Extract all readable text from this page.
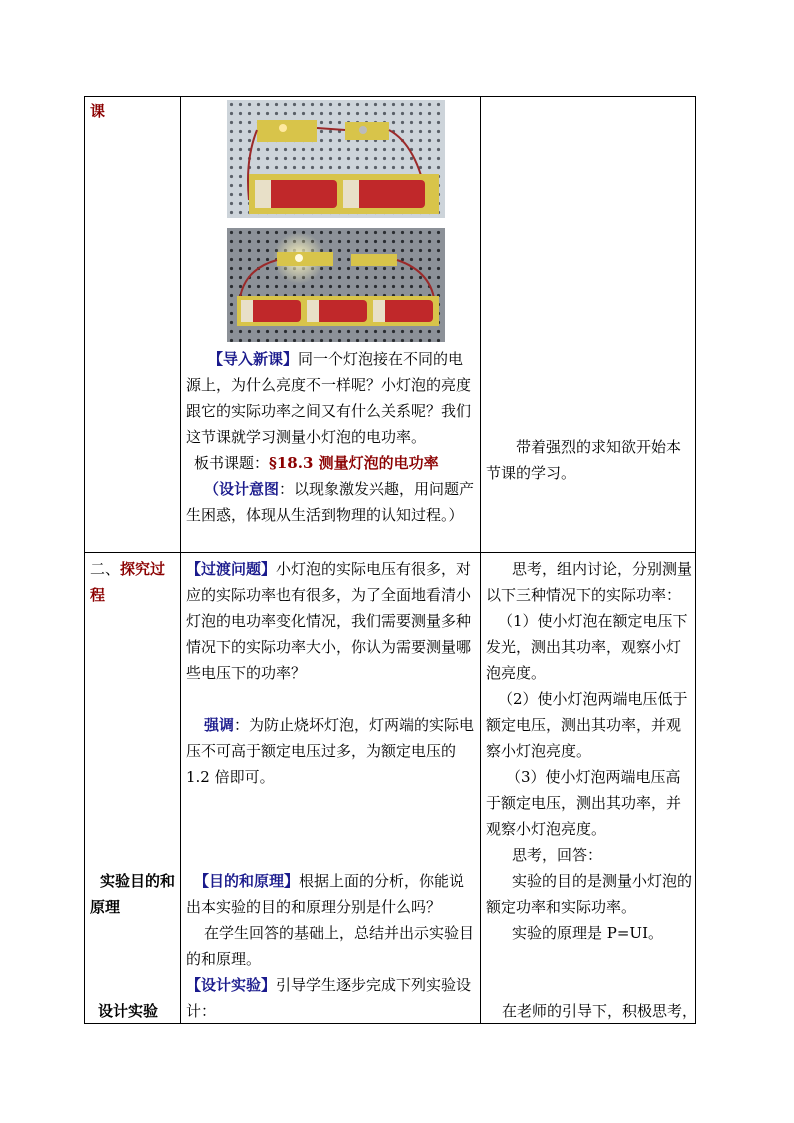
课
二、探究过程
实验目的和原理
设计实验

【导入新课】同一个灯泡接在不同的电源上，为什么亮度不一样呢？小灯泡的亮度跟它的实际功率之间又有什么关系呢？我们这节课就学习测量小灯泡的电功率。

板书课题：§18.3 测量灯泡的电功率

（设计意图：以现象激发兴趣，用问题产生困惑，体现从生活到物理的认知过程。）

带着强烈的求知欲开始本节课的学习。

【过渡问题】小灯泡的实际电压有很多，对应的实际功率也有很多，为了全面地看清小灯泡的电功率变化情况，我们需要测量多种情况下的实际功率大小，你认为需要测量哪些电压下的功率？

强调：为防止烧坏灯泡，灯两端的实际电压不可高于额定电压过多，为额定电压的 1.2 倍即可。

【目的和原理】根据上面的分析，你能说出本实验的目的和原理分别是什么吗？

在学生回答的基础上，总结并出示实验目的和原理。

【设计实验】引导学生逐步完成下列实验设计：

思考，组内讨论，分别测量以下三种情况下的实际功率：

（1）使小灯泡在额定电压下发光，测出其功率，观察小灯泡亮度。

（2）使小灯泡两端电压低于额定电压，测出其功率，并观察小灯泡亮度。

（3）使小灯泡两端电压高于额定电压，测出其功率，并观察小灯泡亮度。

思考，回答：

实验的目的是测量小灯泡的额定功率和实际功率。

实验的原理是 P=UI。

在老师的引导下，积极思考，
